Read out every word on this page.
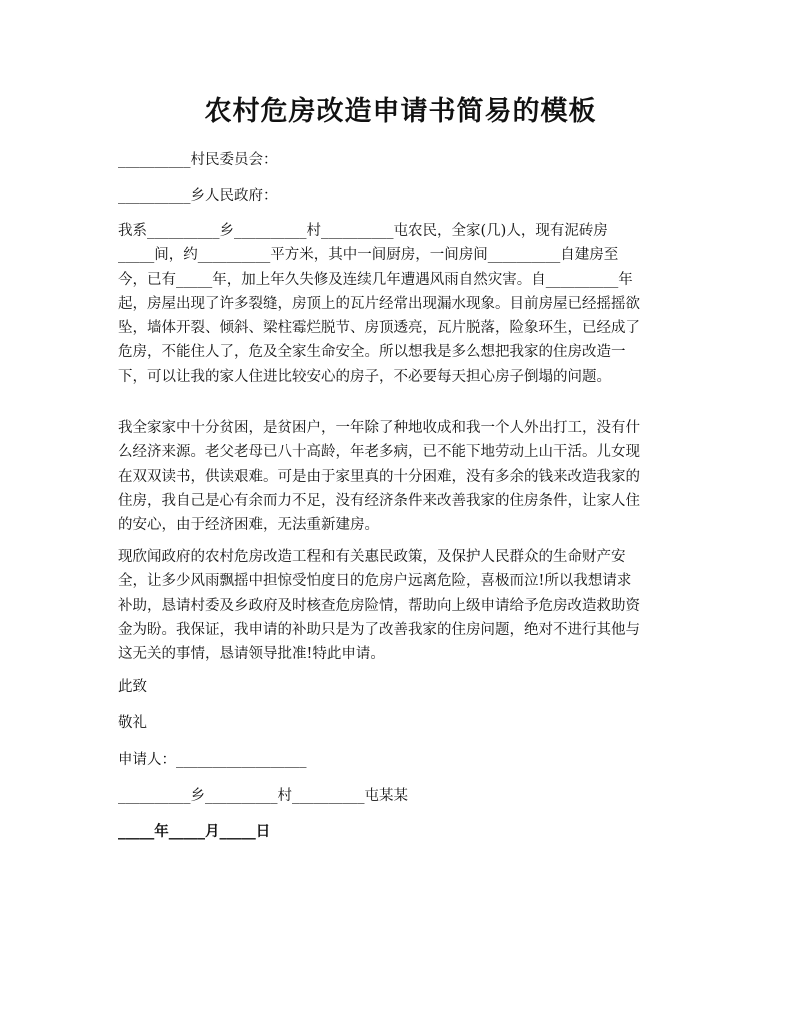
农村危房改造申请书简易的模板
__________村民委员会：
__________乡人民政府：

我系__________乡__________村__________屯农民，全家(几)人，现有泥砖房

_____间，约__________平方米，其中一间厨房，一间房间__________自建房至

今，已有_____年，加上年久失修及连续几年遭遇风雨自然灾害。自__________年

起，房屋出现了许多裂缝，房顶上的瓦片经常出现漏水现象。目前房屋已经摇摇欲

坠，墙体开裂、倾斜、梁柱霉烂脱节、房顶透亮，瓦片脱落，险象环生，已经成了

危房，不能住人了，危及全家生命安全。所以想我是多么想把我家的住房改造一

下，可以让我的家人住进比较安心的房子，不必要每天担心房子倒塌的问题。

我全家家中十分贫困，是贫困户，一年除了种地收成和我一个人外出打工，没有什

么经济来源。老父老母已八十高龄，年老多病，已不能下地劳动上山干活。儿女现

在双双读书，供读艰难。可是由于家里真的十分困难，没有多余的钱来改造我家的

住房，我自己是心有余而力不足，没有经济条件来改善我家的住房条件，让家人住

的安心，由于经济困难，无法重新建房。

现欣闻政府的农村危房改造工程和有关惠民政策，及保护人民群众的生命财产安

全，让多少风雨飘摇中担惊受怕度日的危房户远离危险，喜极而泣!所以我想请求

补助，恳请村委及乡政府及时核查危房险情，帮助向上级申请给予危房改造救助资

金为盼。我保证，我申请的补助只是为了改善我家的住房问题，绝对不进行其他与

这无关的事情，恳请领导批准!特此申请。

此致
敬礼
申请人：__________________
__________乡__________村__________屯某某
_____年_____月_____日
